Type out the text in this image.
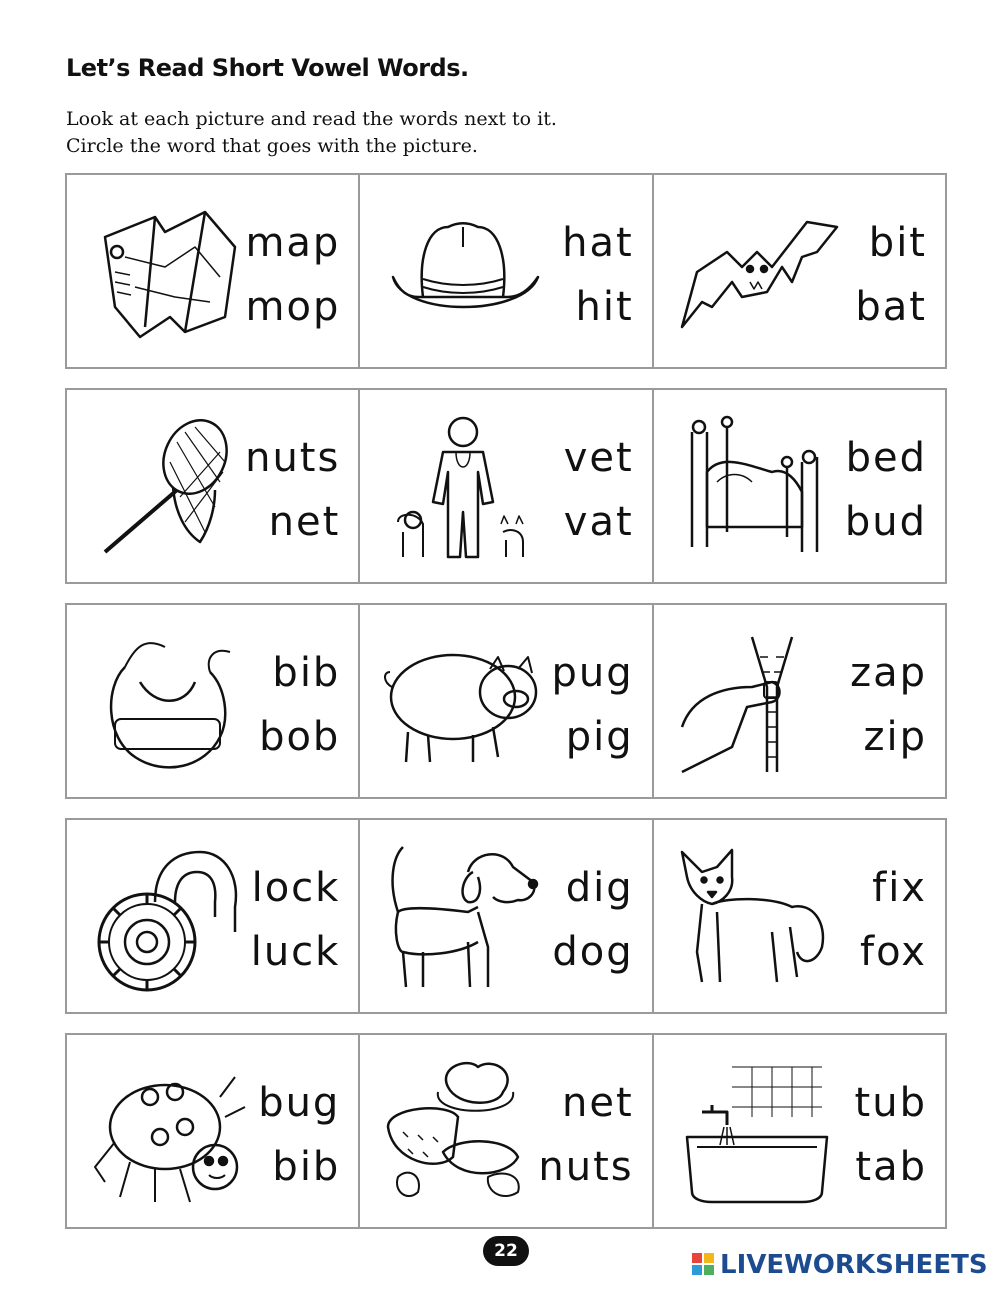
Let’s Read Short Vowel Words.
Look at each picture and read the words next to it.
Circle the word that goes with the picture.
map
mop
hat
hit
bit
bat
nuts
net
vet
vat
bed
bud
bib
bob
pug
pig
zap
zip
lock
luck
dig
dog
fix
fox
bug
bib
net
nuts
tub
tab
22	LIVEWORKSHEETS
